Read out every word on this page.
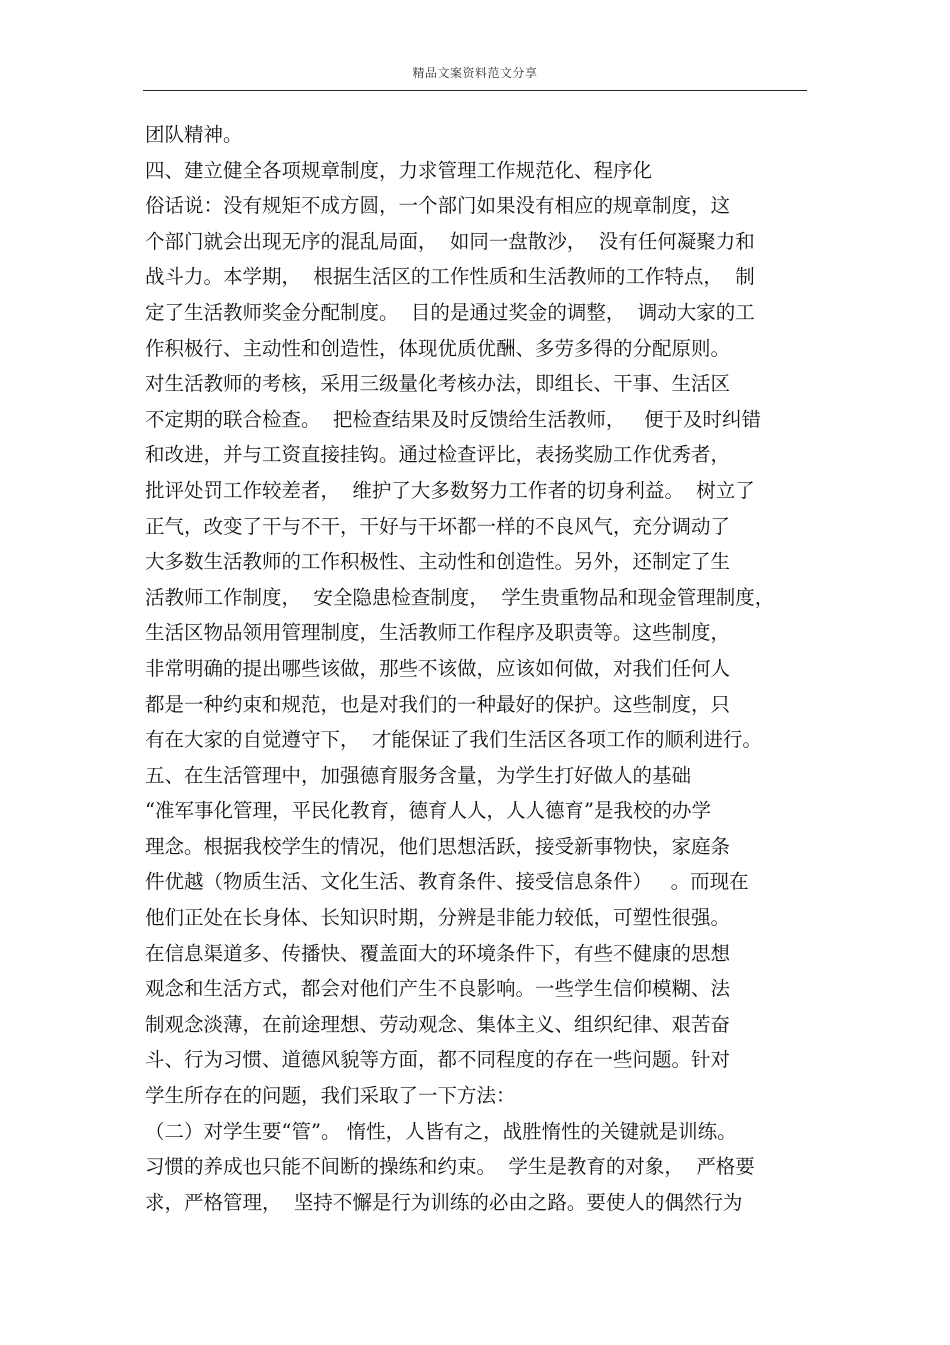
精品文案资料范文分享
团队精神。
四、建立健全各项规章制度，力求管理工作规范化、程序化
俗话说：没有规矩不成方圆，一个部门如果没有相应的规章制度，这
个部门就会出现无序的混乱局面，  如同一盘散沙，  没有任何凝聚力和
战斗力。本学期，  根据生活区的工作性质和生活教师的工作特点，  制
定了生活教师奖金分配制度。  目的是通过奖金的调整，  调动大家的工
作积极行、主动性和创造性，体现优质优酬、多劳多得的分配原则。
对生活教师的考核，采用三级量化考核办法，即组长、干事、生活区
不定期的联合检查。  把检查结果及时反馈给生活教师，   便于及时纠错
和改进，并与工资直接挂钩。通过检查评比，表扬奖励工作优秀者，
批评处罚工作较差者，  维护了大多数努力工作者的切身利益。  树立了
正气，改变了干与不干，干好与干坏都一样的不良风气，充分调动了
大多数生活教师的工作积极性、主动性和创造性。另外，还制定了生
活教师工作制度，  安全隐患检查制度，  学生贵重物品和现金管理制度，
生活区物品领用管理制度，生活教师工作程序及职责等。这些制度，
非常明确的提出哪些该做，那些不该做，应该如何做，对我们任何人
都是一种约束和规范，也是对我们的一种最好的保护。这些制度，只
有在大家的自觉遵守下，  才能保证了我们生活区各项工作的顺利进行。
五、在生活管理中，加强德育服务含量，为学生打好做人的基础
“准军事化管理，平民化教育，德育人人，人人德育”是我校的办学
理念。根据我校学生的情况，他们思想活跃，接受新事物快，家庭条
件优越（物质生活、文化生活、教育条件、接受信息条件）   。而现在
他们正处在长身体、长知识时期，分辨是非能力较低，可塑性很强。
在信息渠道多、传播快、覆盖面大的环境条件下，有些不健康的思想
观念和生活方式，都会对他们产生不良影响。一些学生信仰模糊、法
制观念淡薄，在前途理想、劳动观念、集体主义、组织纪律、艰苦奋
斗、行为习惯、道德风貌等方面，都不同程度的存在一些问题。针对
学生所存在的问题，我们采取了一下方法：
（二）对学生要“管”。 惰性，人皆有之，战胜惰性的关键就是训练。
习惯的养成也只能不间断的操练和约束。  学生是教育的对象，  严格要
求，严格管理，  坚持不懈是行为训练的必由之路。要使人的偶然行为
